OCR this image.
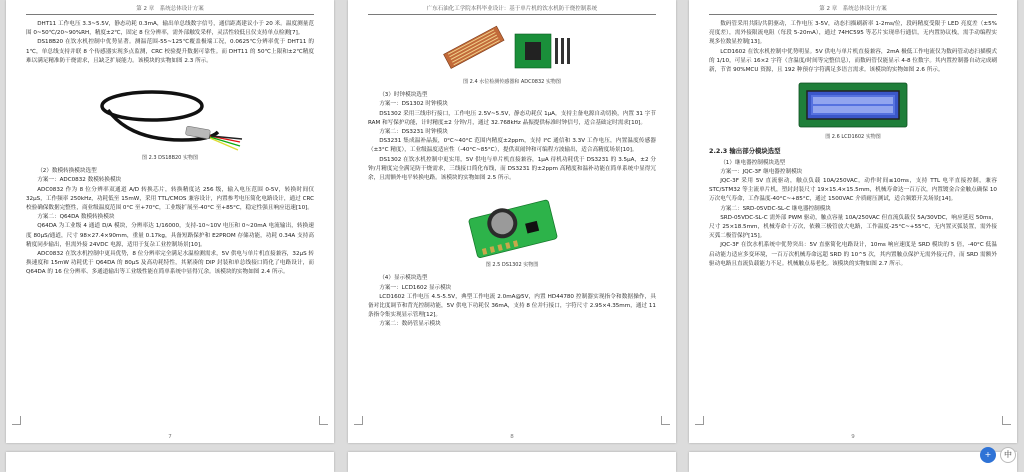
第 2 章　系统总体设计方案

DHT11 工作电压 3.3~5.5V，静态功耗 0.3mA，输出单总线数字信号，通信距离建议小于 20 米。温度测量范围 0~50℃/20~90%RH，精度±2℃，固定 8 位分辨率，需外部触发采样，灵活性较低且仅支持单点检测[7]。

DS18B20 在饮水机控制中优势显著。测温范围-55~125℃覆盖极端工况，0.0625℃分辨率优于 DHT11 的 1℃，单总线支持并联 8 个传感器实现多点监测，CRC 校验提升数据可靠性。而 DHT11 的 50℃上限和±2℃精度难以满足精准防干烧需求，且缺乏扩展能力。该模块的实物如图 2.3 所示。

图 2.3 DS18B20 实物图

（2）数模转换模块选型

方案一：ADC0832 数模转换模块

ADC0832 作为 8 位分辨率双通道 A/D 转换芯片，转换精度达 256 级，输入电压范围 0-5V，转换时间仅 32μS，工作频率 250kHz，功耗低至 15mW，采用 TTL/CMOS 兼容设计，内置参考电压简化电路设计，通过 CRC 校验确保数据完整性，商业级温度范围 0°C 至+70°C，工业级扩展至-40°C 至+85°C，稳定性强且响应迅速[10]。

方案二：Q64DA 数模转换模块

Q64DA 为工业级 4 通道 D/A 模块，分辨率达 1/16000，支持-10~10V 电压和 0~20mA 电流输出，转换速度 80μS/通道，尺寸 98×27.4×90mm，重量 0.17kg，具备短路保护和 E2PROM 存储功能，功耗 0.34A 支持高精度同步输出，但需外接 24VDC 电源，适用于复杂工业控制场景[10]。

ADC0832 在饮水机控制中更具优势，8 位分辨率完全满足水温检测需求，5V 供电与单片机直接兼容，32μS 转换速度和 15mW 功耗优于 Q64DA 的 80μS 及高功耗特性，其紧凑的 DIP 封装和单总线接口简化了电路设计，而 Q64DA 的 16 位分辨率、多通道输出等工业级性能在简单系统中显得冗余。该模块的实物如图 2.4 所示。

7
广东石油化工学院本科毕业设计：基于单片机的饮水机防干烧控制系统
图 2.4 水位检测传感器和 ADC0832 实物图

（3）时钟模块选型

方案一：DS1302 时钟模块

DS1302 采用三线串行接口，工作电压 2.5V~5.5V，静态功耗仅 1μA，支持主备电源自动切换，内置 31 字节 RAM 和写保护功能，计时精度±2 分钟/月，通过 32.768kHz 晶振提供标准时钟信号，适合基础定时需求[10]。

方案二：DS3231 时钟模块

DS3231 集成温补晶振，0°C~40°C 范围内精度±2ppm，支持 I²C 通信和 3.3V 工作电压，内置温度传感器（±3°C 精度），工业级温度适应性（-40°C~85°C），提供双闹钟和可编程方波输出，适合高精度场景[10]。

DS1302 在饮水机控制中更实用，5V 供电与单片机直接兼容，1μA 待机功耗优于 DS3231 的 3.5μA，±2 分钟/月精度完全满足防干烧需求，三线接口简化布线，而 DS3231 的±2ppm 高精度和温补功能在简单系统中显得冗余，且需额外电平转换电路。该模块的实物如图 2.5 所示。

图 2.5 DS1302 实物图

（4）显示模块选型

方案一：LCD1602 显示模块

LCD1602 工作电压 4.5-5.5V，典型工作电流 2.0mA@5V，内置 HD44780 控制器实现指令和数据操作，具备对比度调节和背光控制功能，5V 供电下功耗仅 36mA，支持 8 位并行接口，字符尺寸 2.95×4.35mm，通过 11 条指令集实现显示管理[12]。

方案二：数码管显示模块

8
第 2 章　系统总体设计方案

数码管采用共阳/共阴驱动，工作电压 3-5V，动态扫描刷新率 1-2ms/位，段码精度受限于 LED 亮度差（±5%亮度差），需外接限流电阻（每段 5-20mA），通过 74HC595 等芯片实现串行通信，无内置协议栈，需手动编程实现多位数显控制[13]。

LCD1602 在饮水机控制中优势明显。5V 供电与单片机直接兼容，2mA 极低工作电流仅为数码管动态扫描模式的 1/10，可显示 16×2 字符（含温度/时间等完整信息），而数码管仅能显示 4-8 位数字。其内置控制器自动完成刷新，节省 90%MCU 资源，且 192 种预存字符满足多语言需求。该模块的实物如图 2.6 所示。

图 2.6 LCD1602 实物图

2.2.3 输出部分模块选型

（1）继电器控制模块选型

方案一：JQC-3F 继电器控制模块

JQC-3F 采用 5V 直流驱动，触点负载 10A/250VAC，动作时间≤10ms，支持 TTL 电平直接控制，兼容 STC/STM32 等主流单片机，塑封封装尺寸 19×15.4×15.5mm，机械寿命达一百万次，内置镀金合金触点确保 10 万次电气寿命，工作温度-40°C~+85°C，通过 1500VAC 介质耐压测试，适合频繁开关场景[14]。

方案二：SRD-05VDC-SL-C 继电器控制模块

SRD-05VDC-SL-C 需外部 PWM 驱动，触点容量 10A/250VAC 但直流负载仅 5A/30VDC，响应延迟 50ms，尺寸 25×18.5mm，机械寿命十万次，依赖三极管放大电路，工作温度-25°C~+55°C，无内置灭弧装置，需外接灭弧二极管保护[15]。

JQC-3F 在饮水机系统中优势突出：5V 直驱简化电路设计，10ms 响应速度是 SRD 模块的 5 倍，-40°C 低温启动能力适应多变环境，一百万次机械寿命远超 SRD 的 10^5 次，其内置触点保护无需外接元件，而 SRD 需额外驱动电路且直流负载能力不足。机械触点易老化。该模块的实物如图 2.7 所示。

9
+	中
